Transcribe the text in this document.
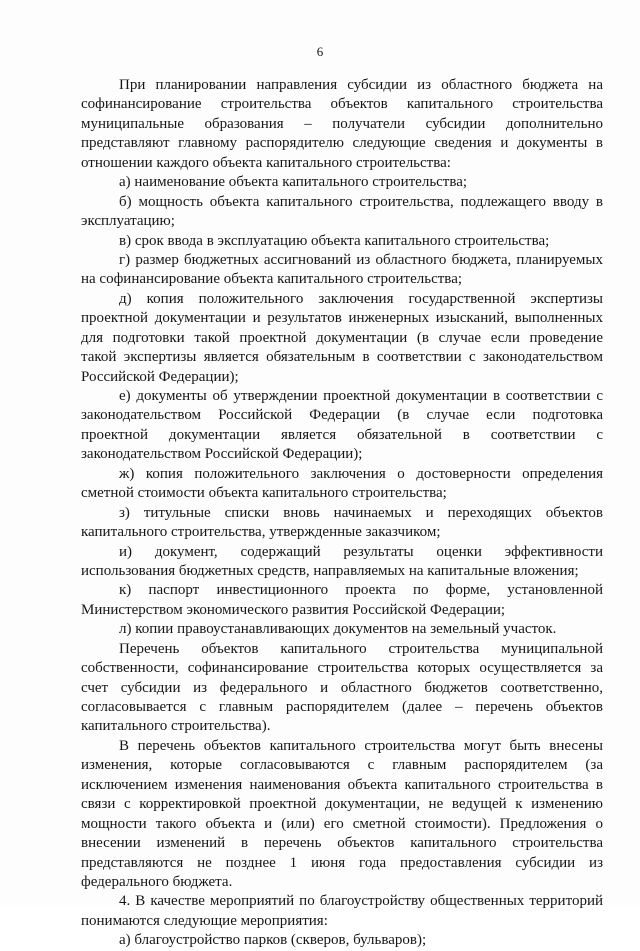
6
При планировании направления субсидии из областного бюджета на
софинансирование строительства объектов капитального строительства
муниципальные образования – получатели субсидии дополнительно
представляют главному распорядителю следующие сведения и документы в
отношении каждого объекта капитального строительства:
а) наименование объекта капитального строительства;
б) мощность объекта капитального строительства, подлежащего вводу в
эксплуатацию;
в) срок ввода в эксплуатацию объекта капитального строительства;
г) размер бюджетных ассигнований из областного бюджета, планируемых
на софинансирование объекта капитального строительства;
д) копия положительного заключения государственной экспертизы
проектной документации и результатов инженерных изысканий, выполненных
для подготовки такой проектной документации (в случае если проведение
такой экспертизы является обязательным в соответствии с законодательством
Российской Федерации);
е) документы об утверждении проектной документации в соответствии с
законодательством Российской Федерации (в случае если подготовка
проектной документации является обязательной в соответствии с
законодательством Российской Федерации);
ж) копия положительного заключения о достоверности определения
сметной стоимости объекта капитального строительства;
з) титульные списки вновь начинаемых и переходящих объектов
капитального строительства, утвержденные заказчиком;
и) документ, содержащий результаты оценки эффективности
использования бюджетных средств, направляемых на капитальные вложения;
к) паспорт инвестиционного проекта по форме, установленной
Министерством экономического развития Российской Федерации;
л) копии правоустанавливающих документов на земельный участок.
Перечень объектов капитального строительства муниципальной
собственности, софинансирование строительства которых осуществляется за
счет субсидии из федерального и областного бюджетов соответственно,
согласовывается с главным распорядителем (далее – перечень объектов
капитального строительства).
В перечень объектов капитального строительства могут быть внесены
изменения, которые согласовываются с главным распорядителем (за
исключением изменения наименования объекта капитального строительства в
связи с корректировкой проектной документации, не ведущей к изменению
мощности такого объекта и (или) его сметной стоимости). Предложения о
внесении изменений в перечень объектов капитального строительства
представляются не позднее 1 июня года предоставления субсидии из
федерального бюджета.
4. В качестве мероприятий по благоустройству общественных территорий
понимаются следующие мероприятия:
а) благоустройство парков (скверов, бульваров);
